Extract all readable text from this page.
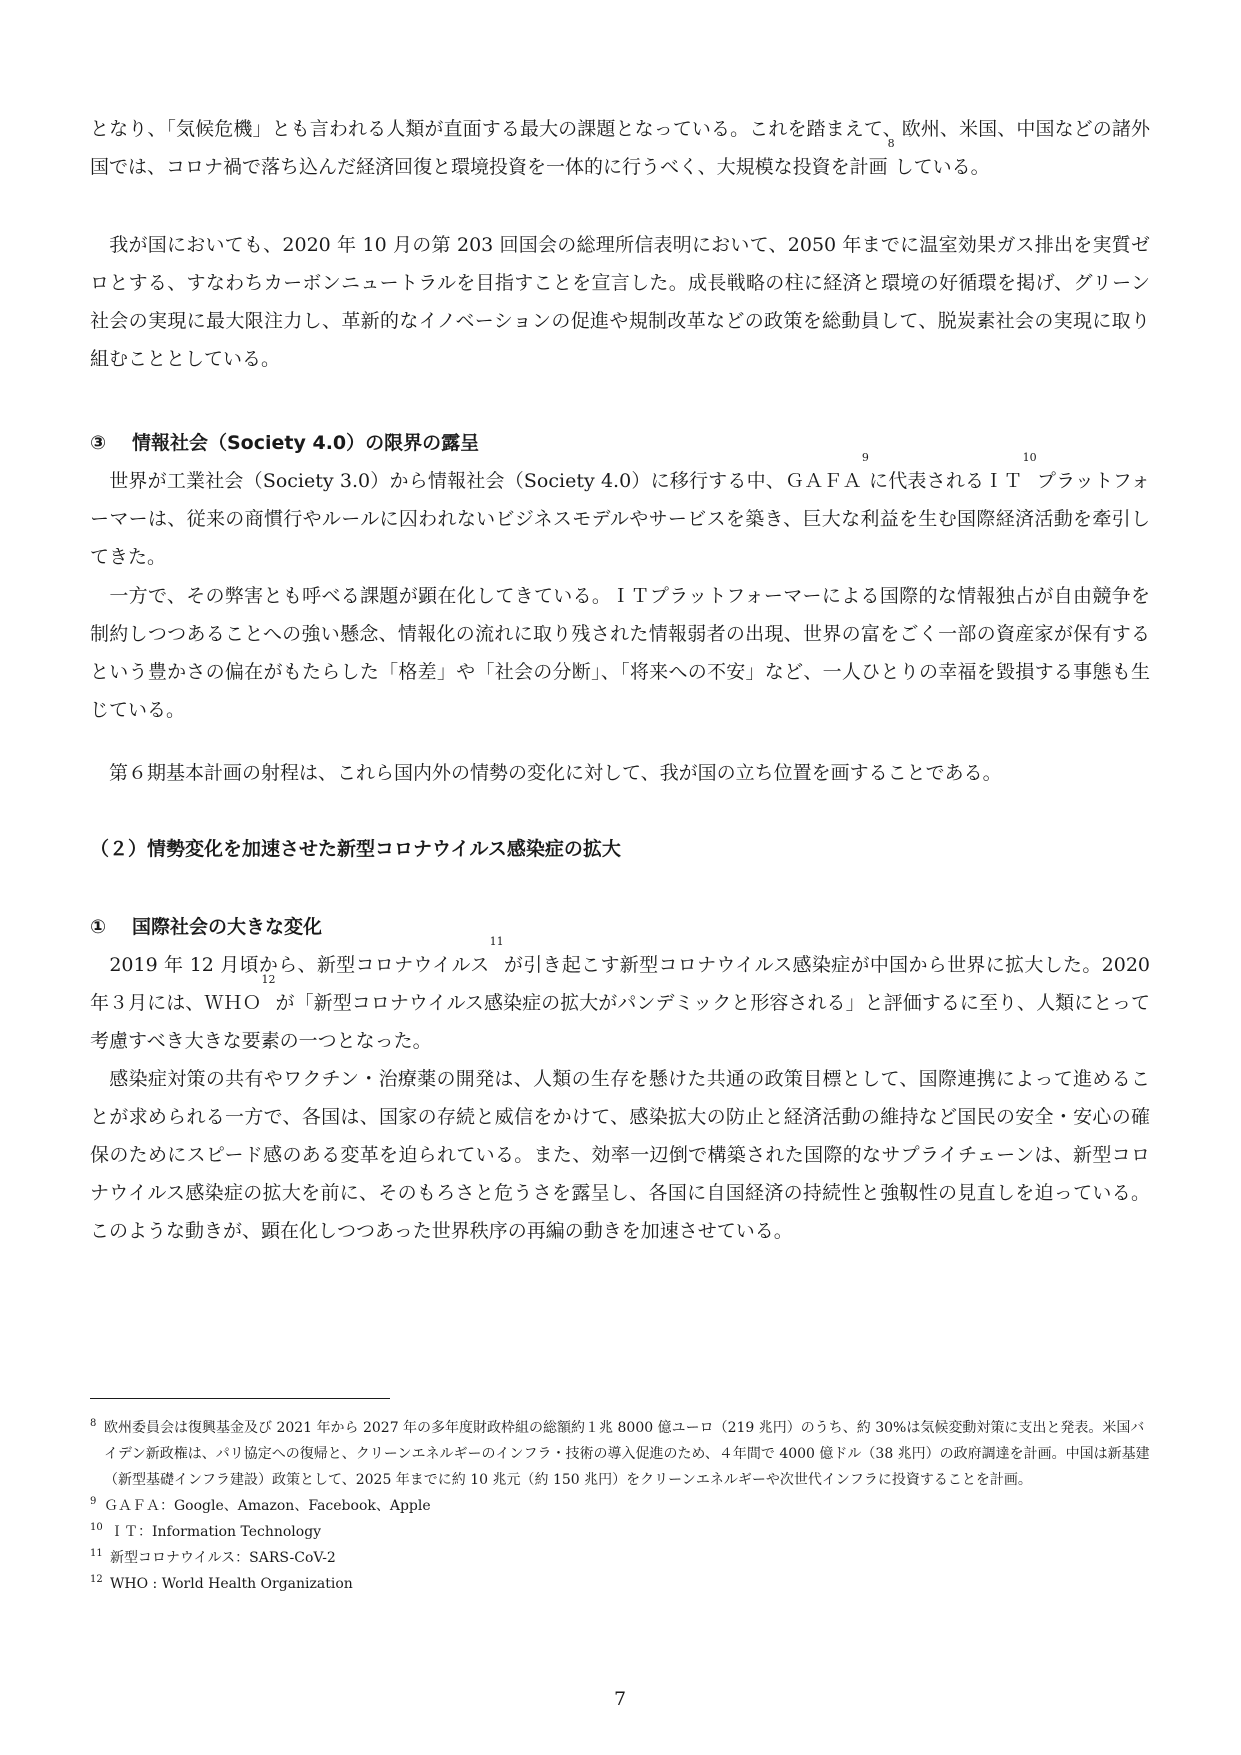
となり、「気候危機」とも言われる人類が直面する最大の課題となっている。これを踏まえて、欧州、米国、中国などの諸外国では、コロナ禍で落ち込んだ経済回復と環境投資を一体的に行うべく、大規模な投資を計画$^8$している。

　我が国においても、2020 年 10 月の第 203 回国会の総理所信表明において、2050 年までに温室効果ガス排出を実質ゼロとする、すなわちカーボンニュートラルを目指すことを宣言した。成長戦略の柱に経済と環境の好循環を掲げ、グリーン社会の実現に最大限注力し、革新的なイノベーションの促進や規制改革などの政策を総動員して、脱炭素社会の実現に取り組むこととしている。

③ 情報社会（Society 4.0）の限界の露呈

　世界が工業社会（Society 3.0）から情報社会（Society 4.0）に移行する中、ＧＡＦＡ$^9$に代表されるＩＴ$^{10}$プラットフォーマーは、従来の商慣行やルールに囚われないビジネスモデルやサービスを築き、巨大な利益を生む国際経済活動を牽引してきた。

　一方で、その弊害とも呼べる課題が顕在化してきている。ＩＴプラットフォーマーによる国際的な情報独占が自由競争を制約しつつあることへの強い懸念、情報化の流れに取り残された情報弱者の出現、世界の富をごく一部の資産家が保有するという豊かさの偏在がもたらした「格差」や「社会の分断」、「将来への不安」など、一人ひとりの幸福を毀損する事態も生じている。

　第６期基本計画の射程は、これら国内外の情勢の変化に対して、我が国の立ち位置を画することである。

（２）情勢変化を加速させた新型コロナウイルス感染症の拡大

① 国際社会の大きな変化

　2019 年 12 月頃から、新型コロナウイルス$^{11}$が引き起こす新型コロナウイルス感染症が中国から世界に拡大した。2020 年３月には、ＷＨＯ$^{12}$が「新型コロナウイルス感染症の拡大がパンデミックと形容される」と評価するに至り、人類にとって考慮すべき大きな要素の一つとなった。

　感染症対策の共有やワクチン・治療薬の開発は、人類の生存を懸けた共通の政策目標として、国際連携によって進めることが求められる一方で、各国は、国家の存続と威信をかけて、感染拡大の防止と経済活動の維持など国民の安全・安心の確保のためにスピード感のある変革を迫られている。また、効率一辺倒で構築された国際的なサプライチェーンは、新型コロナウイルス感染症の拡大を前に、そのもろさと危うさを露呈し、各国に自国経済の持続性と強靱性の見直しを迫っている。このような動きが、顕在化しつつあった世界秩序の再編の動きを加速させている。

8 欧州委員会は復興基金及び 2021 年から 2027 年の多年度財政枠組の総額約１兆 8000 億ユーロ（219 兆円）のうち、約 30%は気候変動対策に支出と発表。米国バイデン新政権は、パリ協定への復帰と、クリーンエネルギーのインフラ・技術の導入促進のため、４年間で 4000 億ドル（38 兆円）の政府調達を計画。中国は新基建（新型基礎インフラ建設）政策として、2025 年までに約 10 兆元（約 150 兆円）をクリーンエネルギーや次世代インフラに投資することを計画。

9 ＧＡＦＡ：Google、Amazon、Facebook、Apple

10 ＩＴ：Information Technology

11 新型コロナウイルス：SARS-CoV-2

12 WHO : World Health Organization

7
